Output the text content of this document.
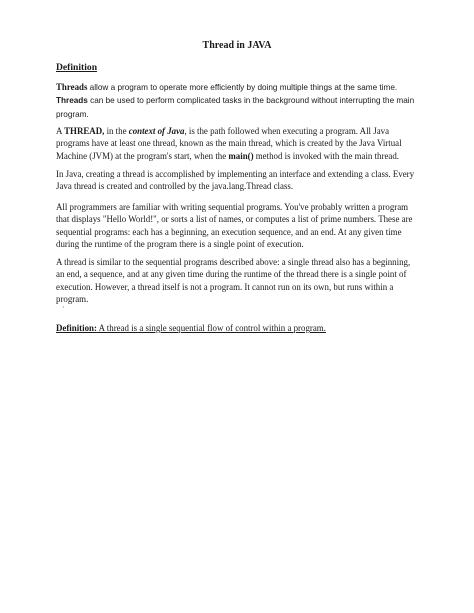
Thread in JAVA
Definition
Threads allow a program to operate more efficiently by doing multiple things at the same time. Threads can be used to perform complicated tasks in the background without interrupting the main program.
A THREAD, in the context of Java, is the path followed when executing a program. All Java programs have at least one thread, known as the main thread, which is created by the Java Virtual Machine (JVM) at the program's start, when the main() method is invoked with the main thread.
In Java, creating a thread is accomplished by implementing an interface and extending a class. Every Java thread is created and controlled by the java.lang.Thread class.
All programmers are familiar with writing sequential programs. You've probably written a program that displays "Hello World!", or sorts a list of names, or computes a list of prime numbers. These are sequential programs: each has a beginning, an execution sequence, and an end. At any given time during the runtime of the program there is a single point of execution.
A thread is similar to the sequential programs described above: a single thread also has a beginning, an end, a sequence, and at any given time during the runtime of the thread there is a single point of execution. However, a thread itself is not a program. It cannot run on its own, but runs within a program.
·
Definition: A thread is a single sequential flow of control within a program.
